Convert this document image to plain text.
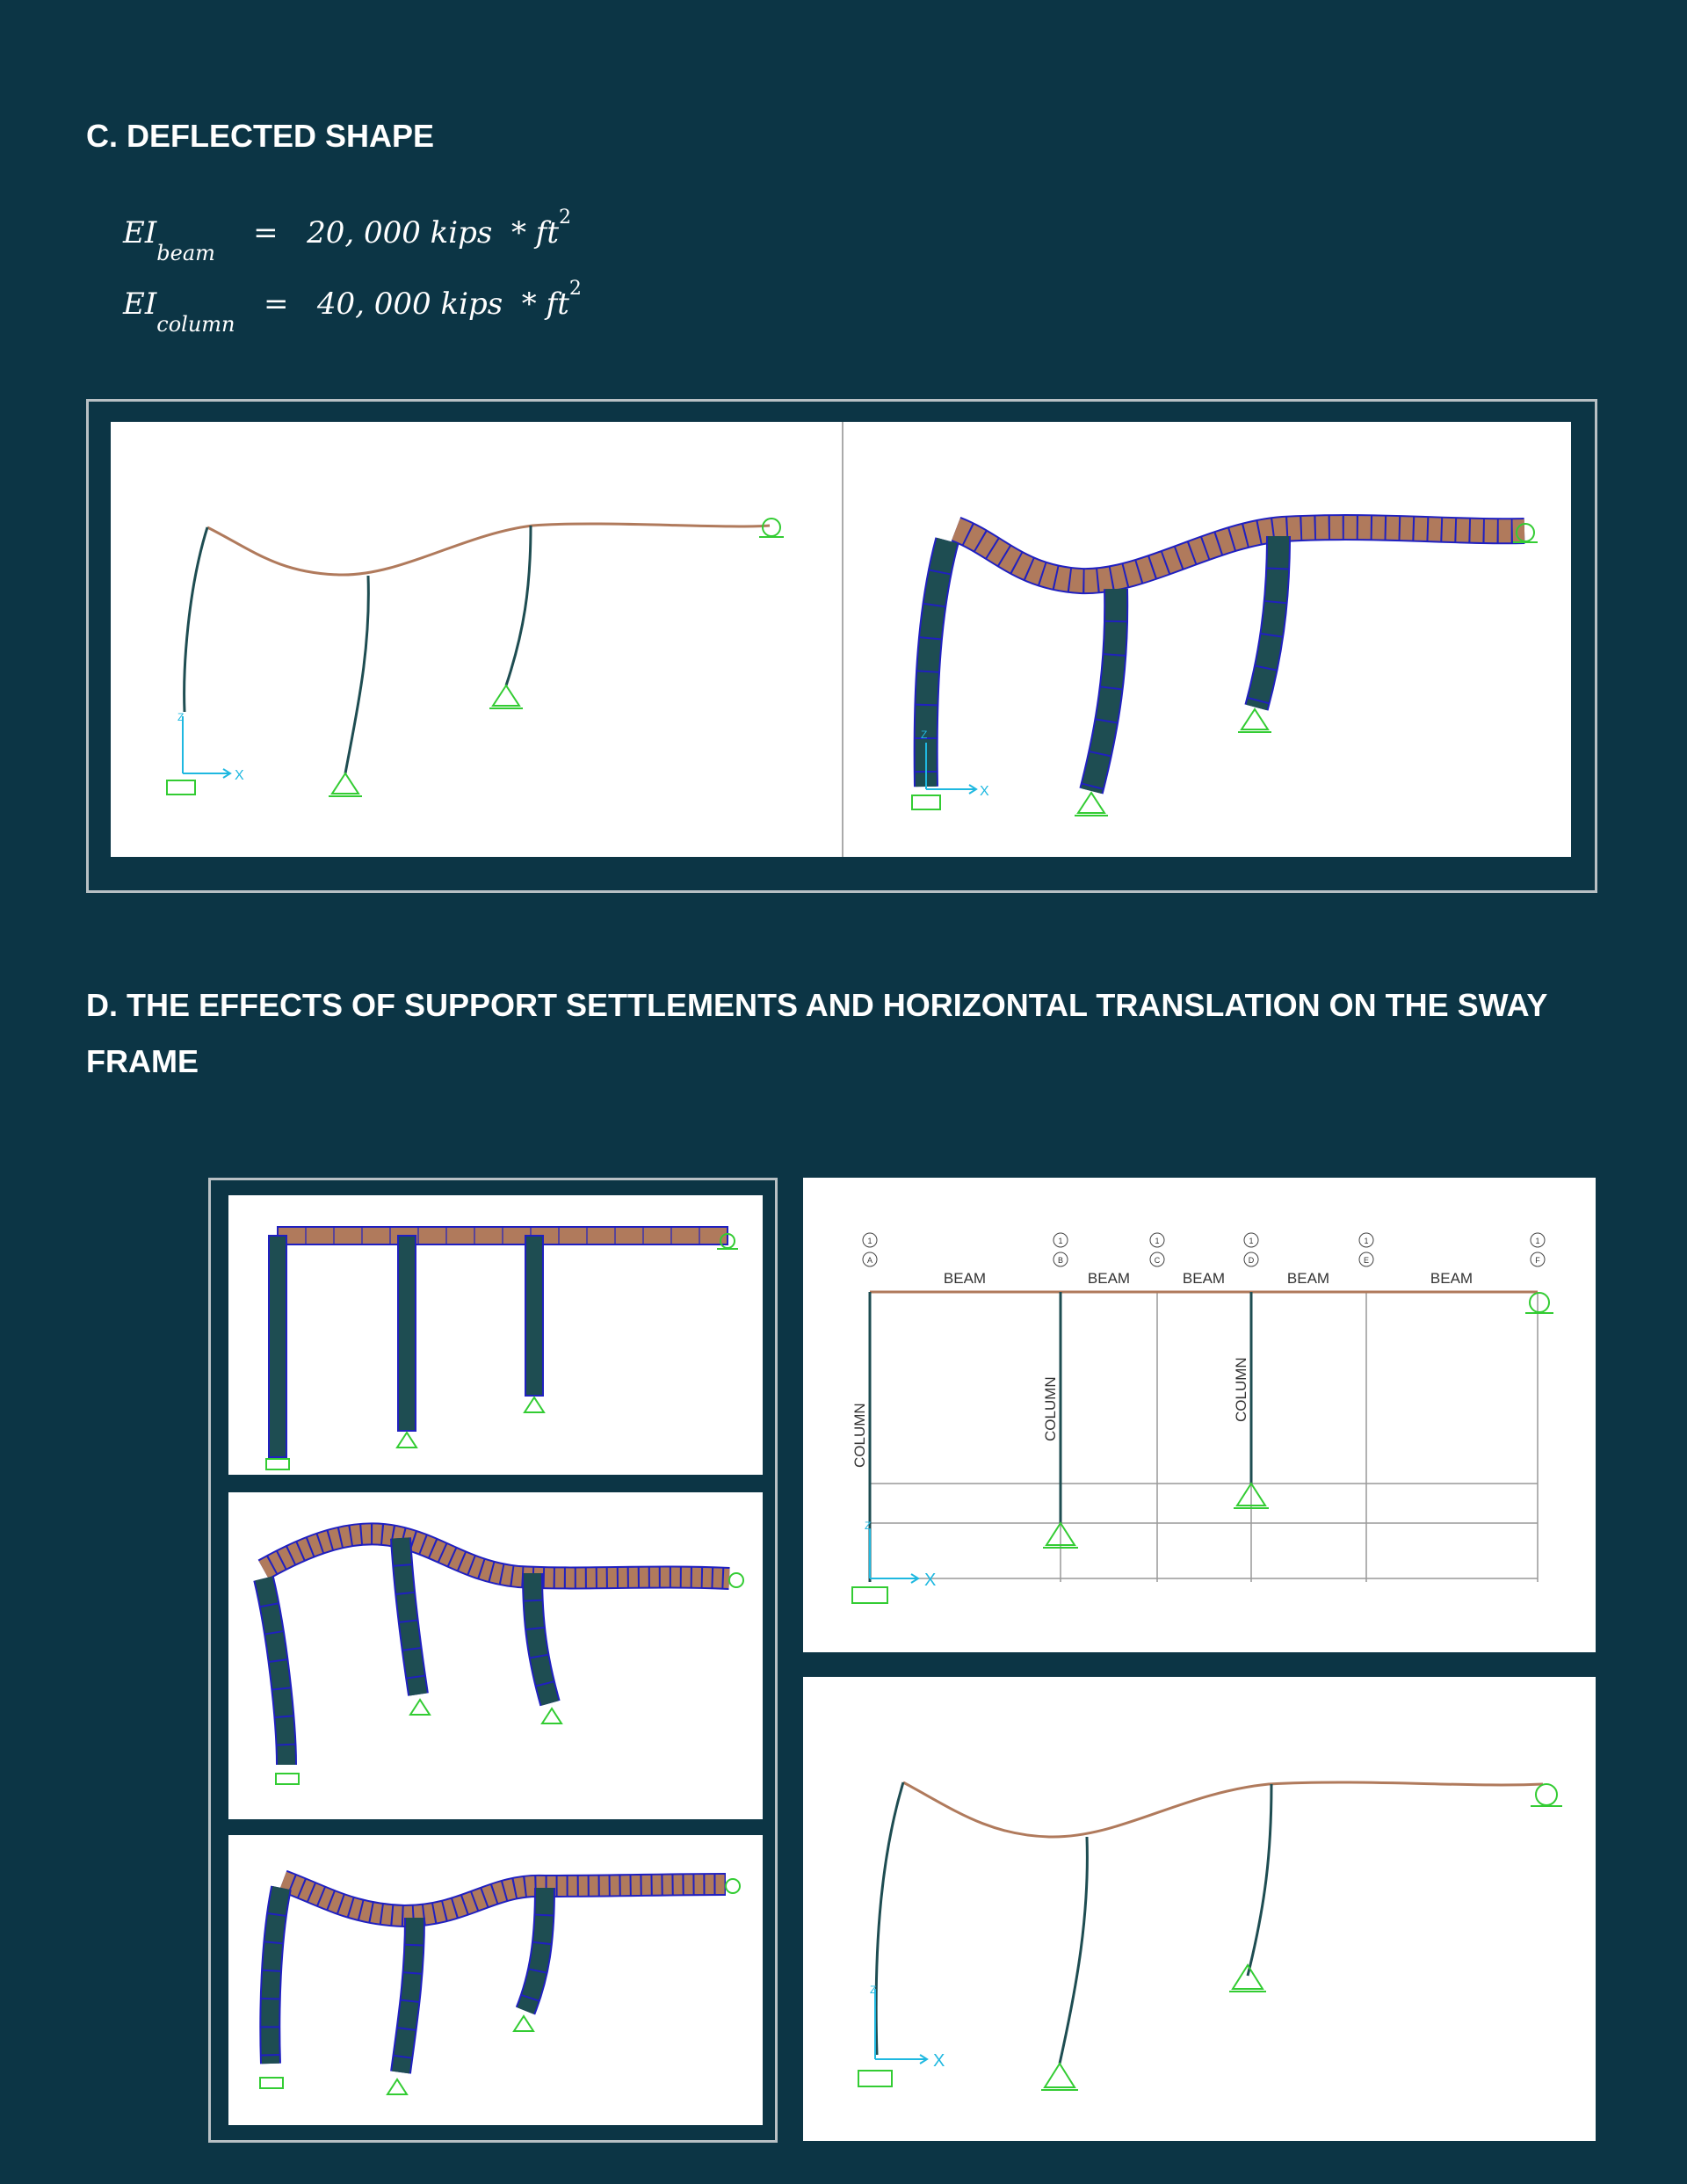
C. DEFLECTED SHAPE
$EI_{beam}$    = 20, 000 kips * $ft^2$
$EI_{column} = 40$, 000 kips * $ft^2$
X
Z
X
Z
D. THE EFFECTS OF SUPPORT SETTLEMENTS AND HORIZONTAL TRANSLATION ON THE SWAY FRAME
1
A
1
B
1
C
1
D
1
E
1
F
BEAM	BEAM	BEAM	BEAM	BEAM
COLUMN	COLUMN	COLUMN
X
Z
X
Z
